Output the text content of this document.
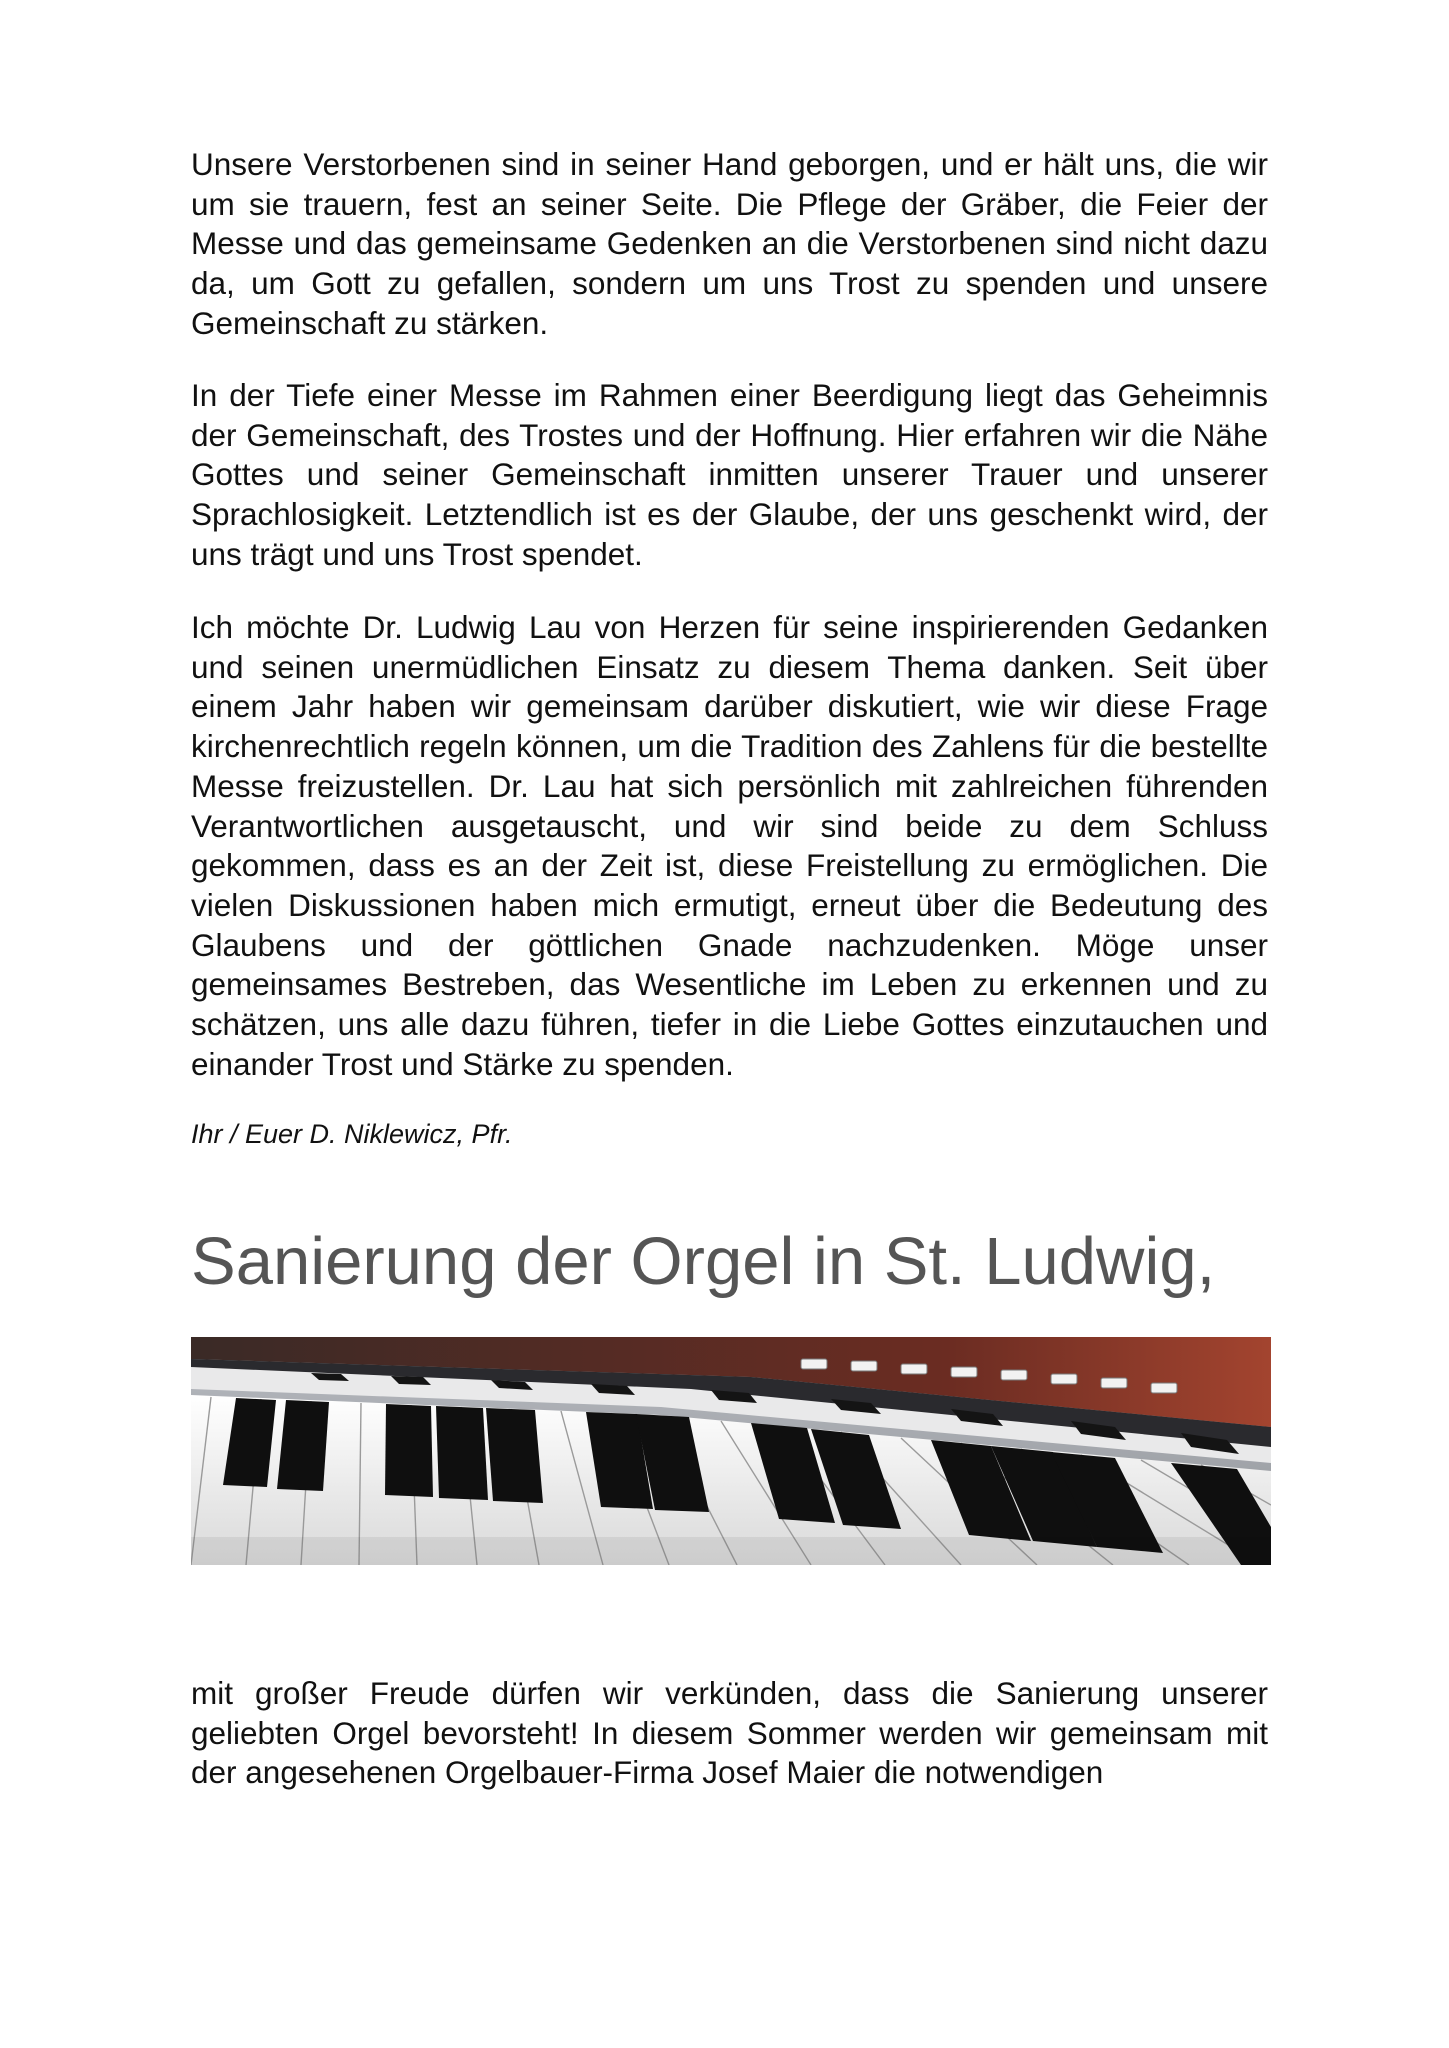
Unsere Verstorbenen sind in seiner Hand geborgen, und er hält uns, die wir um sie trauern, fest an seiner Seite. Die Pflege der Gräber, die Feier der Messe und das gemeinsame Gedenken an die Verstorbenen sind nicht dazu da, um Gott zu gefallen, sondern um uns Trost zu spenden und unsere Gemeinschaft zu stärken.

In der Tiefe einer Messe im Rahmen einer Beerdigung liegt das Geheimnis der Gemeinschaft, des Trostes und der Hoffnung. Hier erfahren wir die Nähe Gottes und seiner Gemeinschaft inmitten unserer Trauer und unserer Sprachlosigkeit. Letztendlich ist es der Glaube, der uns geschenkt wird, der uns trägt und uns Trost spendet.

Ich möchte Dr. Ludwig Lau von Herzen für seine inspirierenden Gedanken und seinen unermüdlichen Einsatz zu diesem Thema danken. Seit über einem Jahr haben wir gemeinsam darüber diskutiert, wie wir diese Frage kirchenrechtlich regeln können, um die Tradition des Zahlens für die bestellte Messe freizustellen. Dr. Lau hat sich persönlich mit zahlreichen führenden Verantwortlichen ausgetauscht, und wir sind beide zu dem Schluss gekommen, dass es an der Zeit ist, diese Freistellung zu ermöglichen. Die vielen Diskussionen haben mich ermutigt, erneut über die Bedeutung des Glaubens und der göttlichen Gnade nachzudenken. Möge unser gemeinsames Bestreben, das Wesentliche im Leben zu erkennen und zu schätzen, uns alle dazu führen, tiefer in die Liebe Gottes einzutauchen und einander Trost und Stärke zu spenden.

Ihr / Euer D. Niklewicz, Pfr.

Sanierung der Orgel in St. Ludwig,

mit großer Freude dürfen wir verkünden, dass die Sanierung unserer geliebten Orgel bevorsteht! In diesem Sommer werden wir gemeinsam mit der angesehenen Orgelbauer-Firma Josef Maier die notwendigen
